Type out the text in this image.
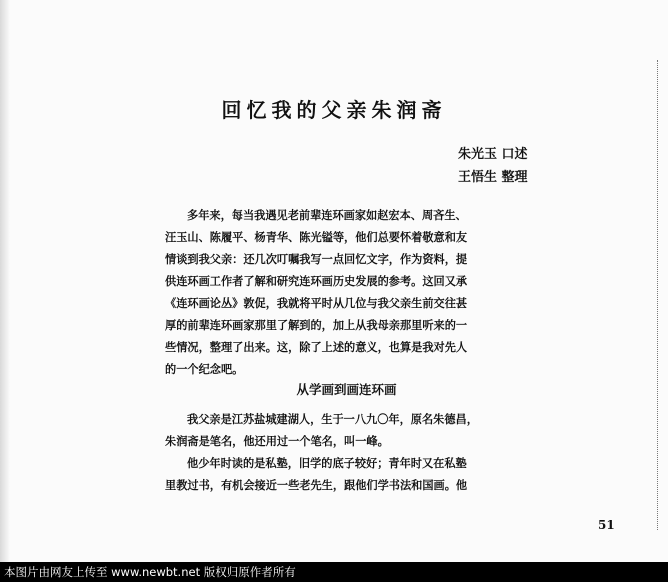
回忆我的父亲朱润斋
朱光玉 口述
王悟生 整理
多年来，每当我遇见老前辈连环画家如赵宏本、周吝生、
汪玉山、陈履平、杨青华、陈光镒等，他们总要怀着敬意和友
情谈到我父亲：还几次叮嘱我写一点回忆文字，作为资料，提
供连环画工作者了解和研究连环画历史发展的参考。这回又承
《连环画论丛》敦促，我就将平时从几位与我父亲生前交往甚
厚的前辈连环画家那里了解到的，加上从我母亲那里听来的一
些情况，整理了出来。这，除了上述的意义，也算是我对先人
的一个纪念吧。
从学画到画连环画
我父亲是江苏盐城建湖人，生于一八九〇年，原名朱德昌，
朱润斋是笔名，他还用过一个笔名，叫一峰。
他少年时读的是私塾，旧学的底子较好；青年时又在私塾
里教过书，有机会接近一些老先生，跟他们学书法和国画。他
51
本图片由网友上传至 www.newbt.net 版权归原作者所有
